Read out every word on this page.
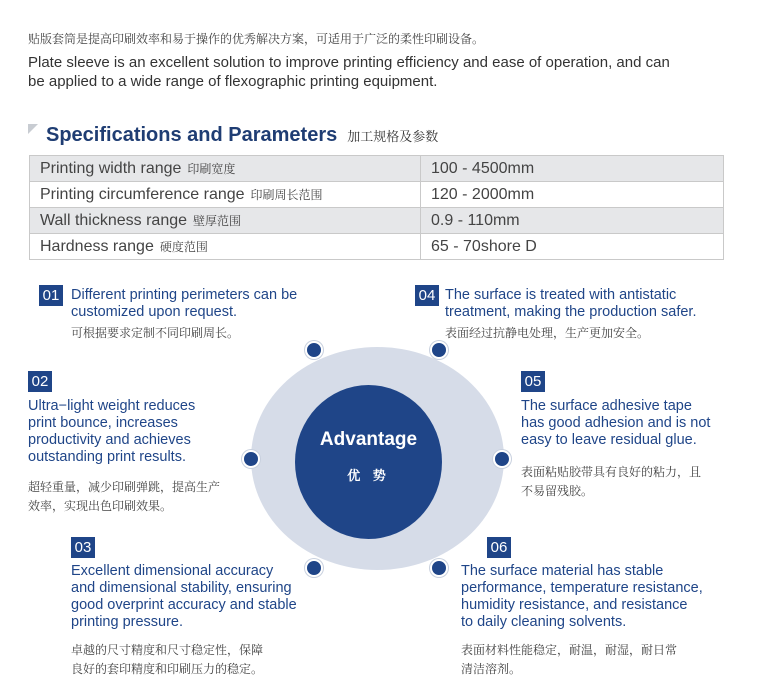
贴版套筒是提高印刷效率和易于操作的优秀解决方案，可适用于广泛的柔性印刷设备。

Plate sleeve is an excellent solution to improve printing efficiency and ease of operation, and can
be applied to a wide range of flexographic printing equipment.

Specifications and Parameters 加工规格及参数
Printing width range 印刷宽度	100 - 4500mm
Printing circumference range 印刷周长范围	120 - 2000mm
Wall thickness range 壁厚范围	0.9 - 110mm
Hardness range 硬度范围	65 - 70shore D
Advantage
优 势
01 Different printing perimeters can be
customized upon request.

可根据要求定制不同印刷周长。

04 The surface is treated with antistatic
treatment, making the production safer.

表面经过抗静电处理，生产更加安全。

02

Ultra−light weight reduces
print bounce, increases
productivity and achieves
outstanding print results.

超轻重量，减少印刷弹跳，提高生产
效率，实现出色印刷效果。

05

The surface adhesive tape
has good adhesion and is not
easy to leave residual glue.

表面粘贴胶带具有良好的粘力，且
不易留残胶。

03

Excellent dimensional accuracy
and dimensional stability, ensuring
good overprint accuracy and stable
printing pressure.

卓越的尺寸精度和尺寸稳定性，保障
良好的套印精度和印刷压力的稳定。

06

The surface material has stable
performance, temperature resistance,
humidity resistance, and resistance
to daily cleaning solvents.

表面材料性能稳定，耐温，耐湿，耐日常
清洁溶剂。
